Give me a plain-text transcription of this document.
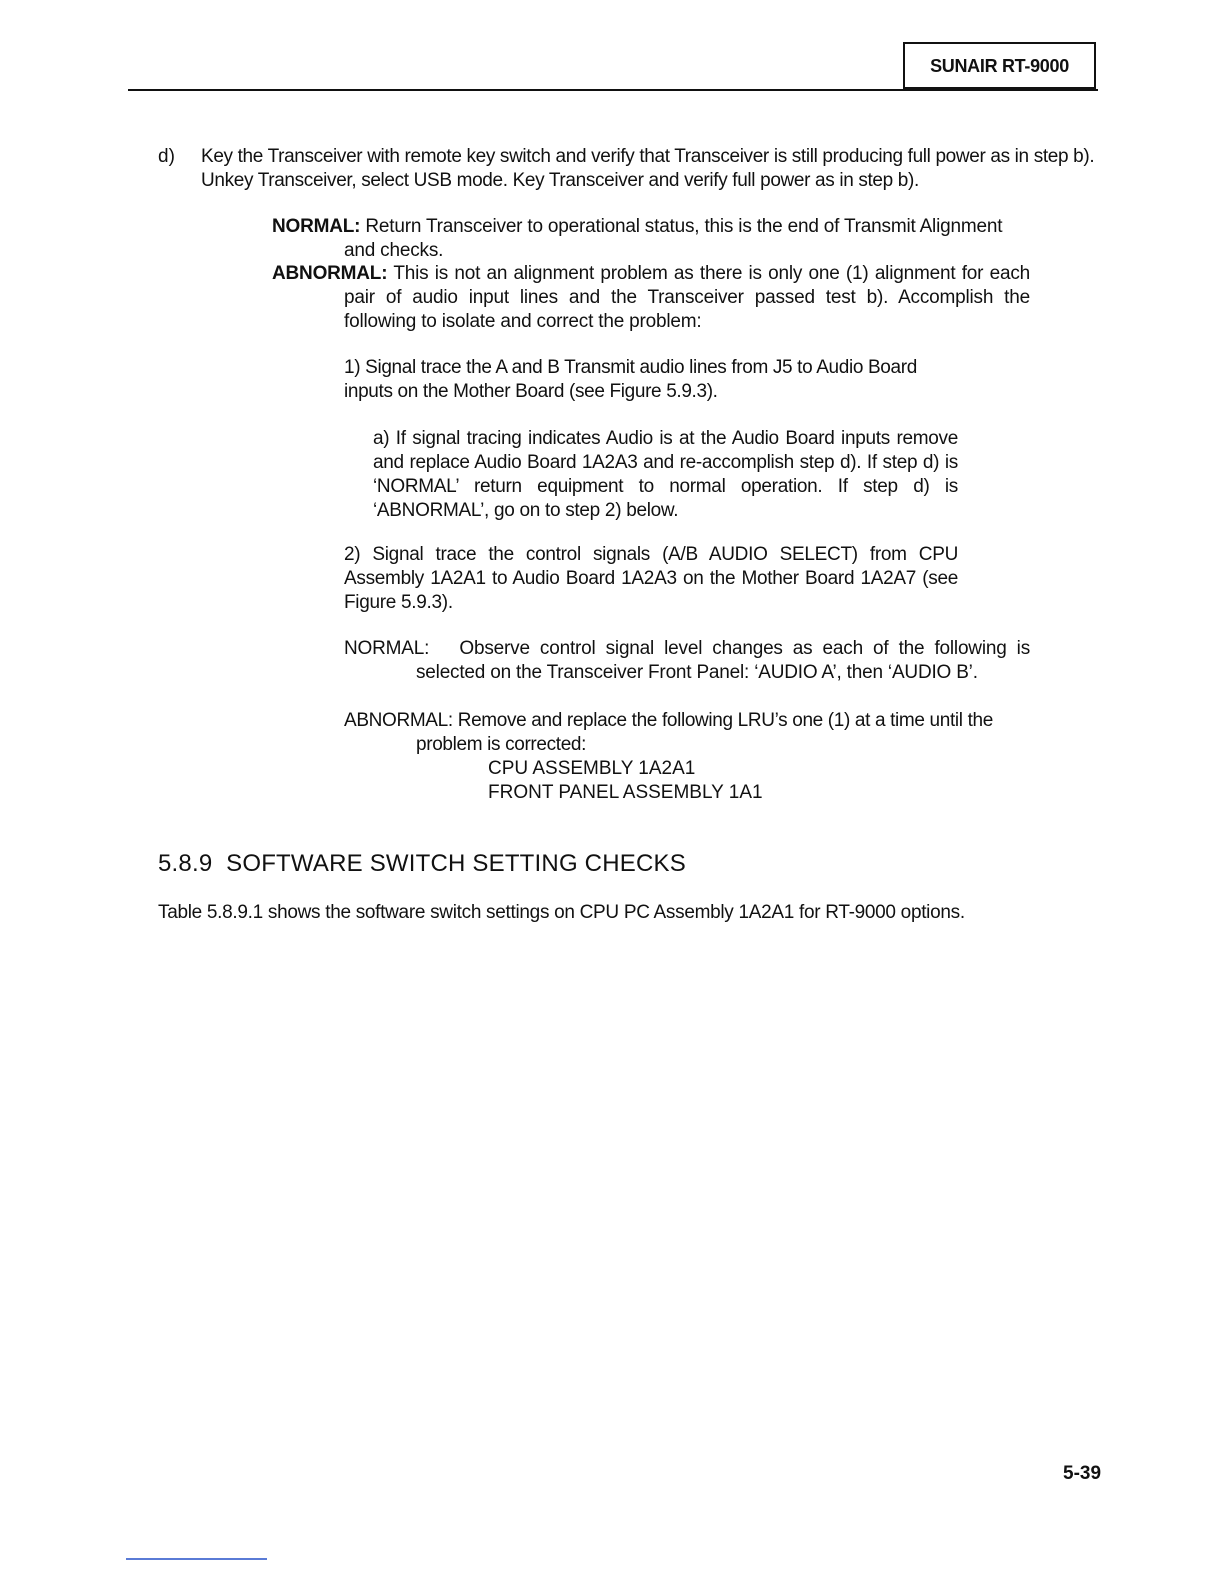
SUNAIR RT-9000
d) Key the Transceiver with remote key switch and verify that Transceiver is still producing full power as in step b). Unkey Transceiver, select USB mode. Key Transceiver and verify full power as in step b).

NORMAL: Return Transceiver to operational status, this is the end of Transmit Alignment and checks.

ABNORMAL: This is not an alignment problem as there is only one (1) alignment for each pair of audio input lines and the Transceiver passed test b). Accomplish the following to isolate and correct the problem:

1) Signal trace the A and B Transmit audio lines from J5 to Audio Board inputs on the Mother Board (see Figure 5.9.3).

a) If signal tracing indicates Audio is at the Audio Board inputs remove and replace Audio Board 1A2A3 and re-accomplish step d). If step d) is ‘NORMAL’ return equipment to normal operation. If step d) is ‘ABNORMAL’, go on to step 2) below.

2) Signal trace the control signals (A/B AUDIO SELECT) from CPU Assembly 1A2A1 to Audio Board 1A2A3 on the Mother Board 1A2A7 (see Figure 5.9.3).

NORMAL: Observe control signal level changes as each of the following is selected on the Transceiver Front Panel: ‘AUDIO A’, then ‘AUDIO B’.

ABNORMAL: Remove and replace the following LRU’s one (1) at a time until the problem is corrected:

CPU ASSEMBLY 1A2A1
FRONT PANEL ASSEMBLY 1A1
5.8.9  SOFTWARE SWITCH SETTING CHECKS

Table 5.8.9.1 shows the software switch settings on CPU PC Assembly 1A2A1 for RT-9000 options.

5-39
